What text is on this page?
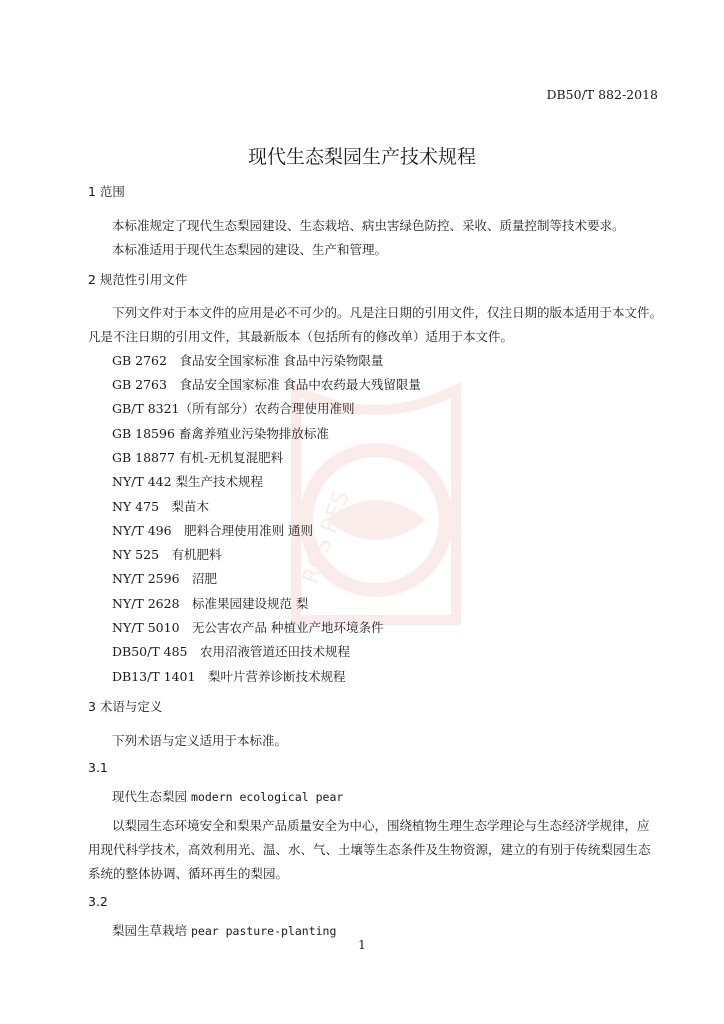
ROS RES
DB50/T 882-2018
现代生态梨园生产技术规程
1 范围
本标准规定了现代生态梨园建设、生态栽培、病虫害绿色防控、采收、质量控制等技术要求。
本标准适用于现代生态梨园的建设、生产和管理。
2 规范性引用文件
下列文件对于本文件的应用是必不可少的。凡是注日期的引用文件，仅注日期的版本适用于本文件。
凡是不注日期的引用文件，其最新版本（包括所有的修改单）适用于本文件。
GB 2762　食品安全国家标准 食品中污染物限量
GB 2763　食品安全国家标准 食品中农药最大残留限量
GB/T 8321（所有部分）农药合理使用准则
GB 18596 畜禽养殖业污染物排放标准
GB 18877 有机-无机复混肥料
NY/T 442 梨生产技术规程
NY 475　梨苗木
NY/T 496　肥料合理使用准则 通则
NY 525　有机肥料
NY/T 2596　沼肥
NY/T 2628　标准果园建设规范 梨
NY/T 5010　无公害农产品 种植业产地环境条件
DB50/T 485　农用沼液管道还田技术规程
DB13/T 1401　梨叶片营养诊断技术规程
3 术语与定义
下列术语与定义适用于本标准。
3.1
现代生态梨园 modern ecological pear
以梨园生态环境安全和梨果产品质量安全为中心，围绕植物生理生态学理论与生态经济学规律，应
用现代科学技术，高效利用光、温、水、气、土壤等生态条件及生物资源，建立的有别于传统梨园生态
系统的整体协调、循环再生的梨园。
3.2
梨园生草栽培 pear pasture-planting
1
